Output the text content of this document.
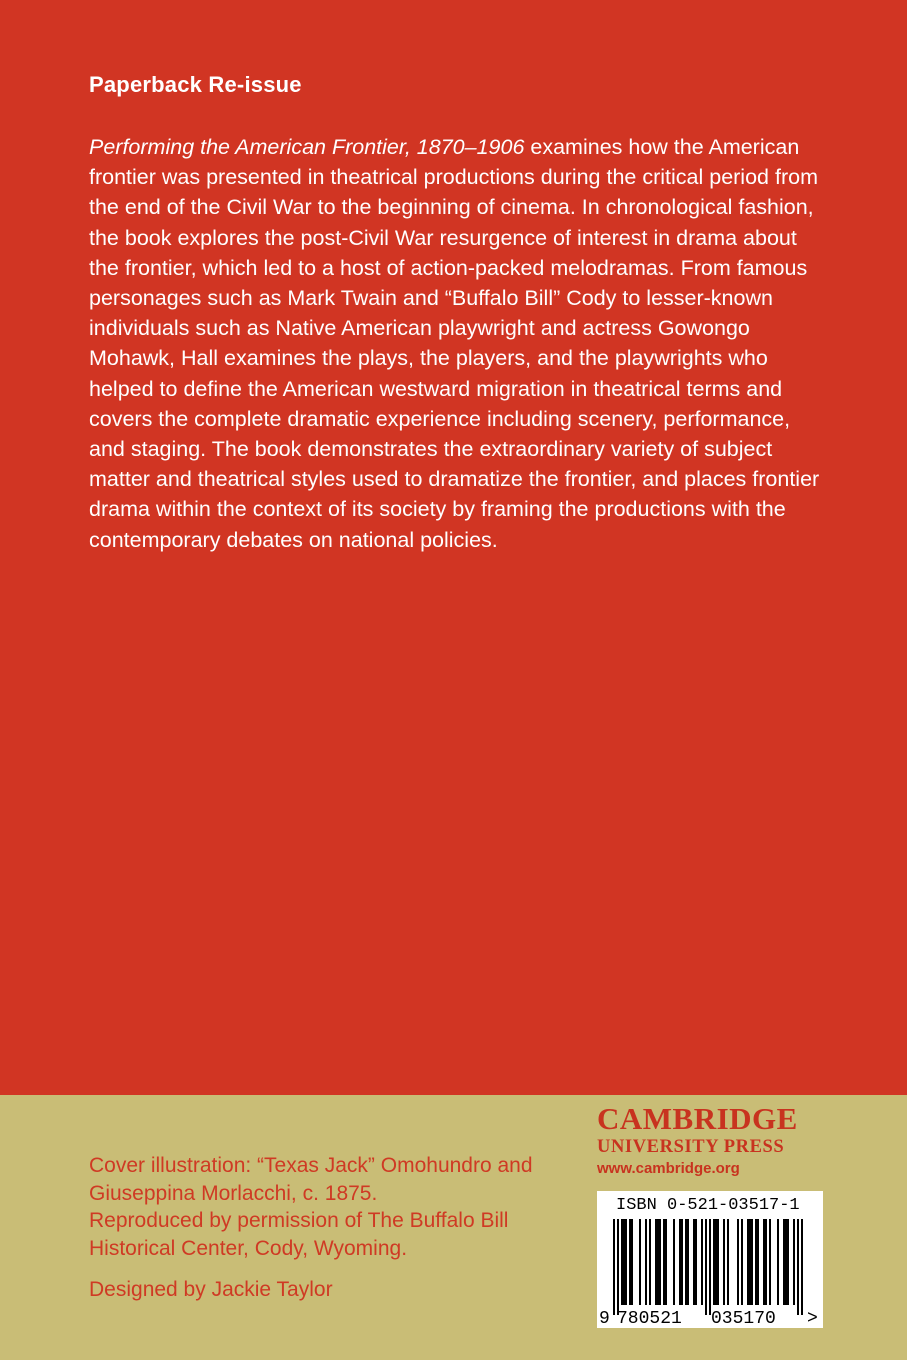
Paperback Re-issue

Performing the American Frontier, 1870–1906 examines how the American frontier was presented in theatrical productions during the critical period from the end of the Civil War to the beginning of cinema. In chronological fashion, the book explores the post-Civil War resurgence of interest in drama about the frontier, which led to a host of action-packed melodramas. From famous personages such as Mark Twain and “Buffalo Bill” Cody to lesser-known individuals such as Native American playwright and actress Gowongo Mohawk, Hall examines the plays, the players, and the playwrights who helped to define the American westward migration in theatrical terms and covers the complete dramatic experience including scenery, performance, and staging. The book demonstrates the extraordinary variety of subject matter and theatrical styles used to dramatize the frontier, and places frontier drama within the context of its society by framing the productions with the contemporary debates on national policies.

Cover illustration: “Texas Jack” Omohundro and Giuseppina Morlacchi, c. 1875.

Reproduced by permission of The Buffalo Bill Historical Center, Cody, Wyoming.

Designed by Jackie Taylor

CAMBRIDGE
UNIVERSITY PRESS
www.cambridge.org
ISBN 0-521-03517-1
9 780521 035170 >
